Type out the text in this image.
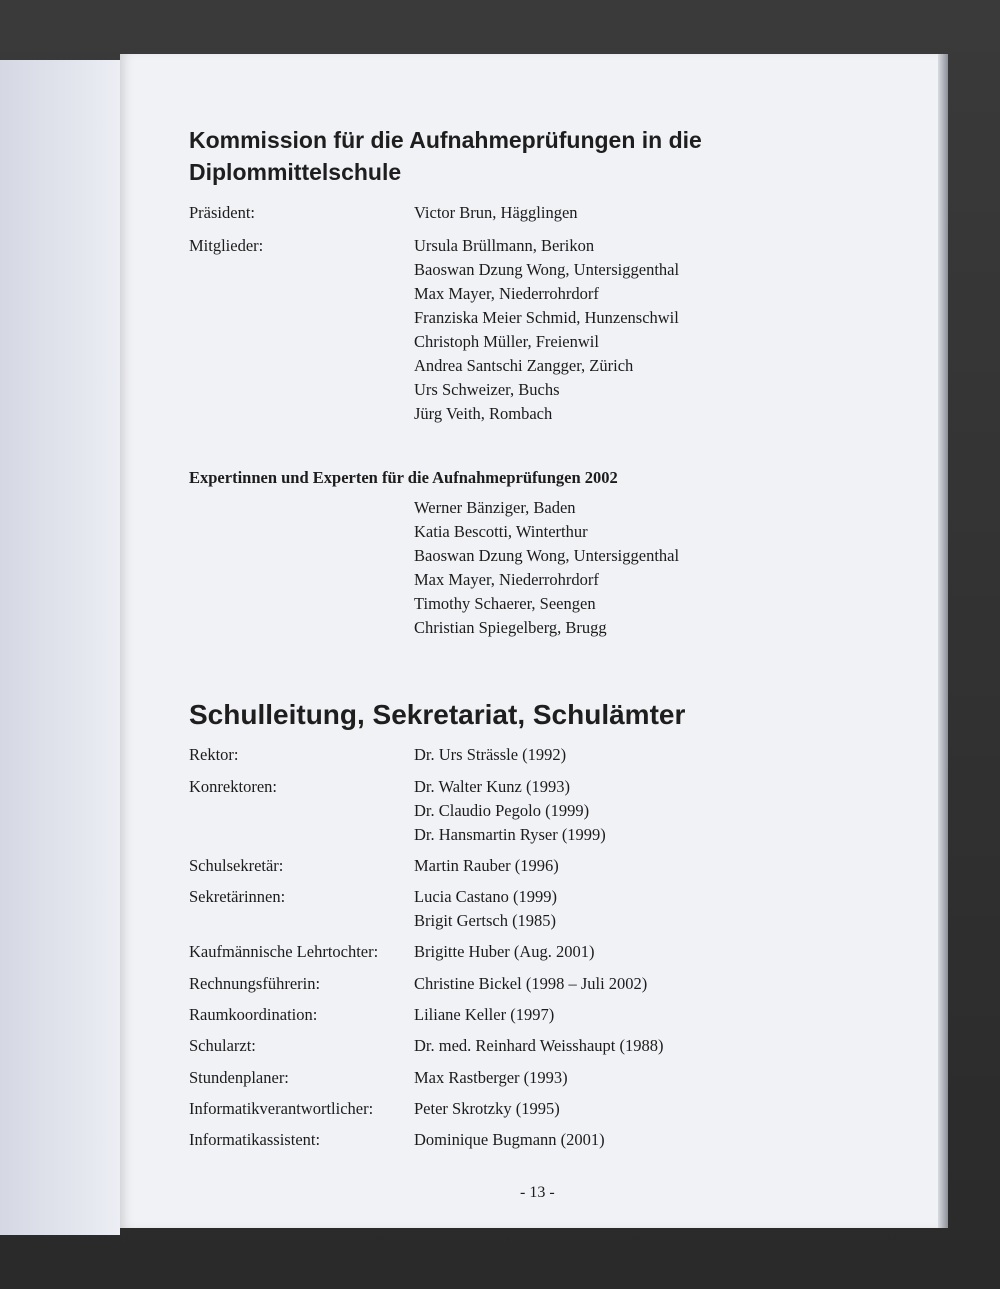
Kommission für die Aufnahmeprüfungen in die Diplommittelschule
Präsident:	Victor Brun, Hägglingen
Mitglieder:	Ursula Brüllmann, Berikon
Baoswan Dzung Wong, Untersiggenthal
Max Mayer, Niederrohrdorf
Franziska Meier Schmid, Hunzenschwil
Christoph Müller, Freienwil
Andrea Santschi Zangger, Zürich
Urs Schweizer, Buchs
Jürg Veith, Rombach
Expertinnen und Experten für die Aufnahmeprüfungen 2002
Werner Bänziger, Baden
Katia Bescotti, Winterthur
Baoswan Dzung Wong, Untersiggenthal
Max Mayer, Niederrohrdorf
Timothy Schaerer, Seengen
Christian Spiegelberg, Brugg
Schulleitung, Sekretariat, Schulämter
Rektor:	Dr. Urs Strässle (1992)
Konrektoren:	Dr. Walter Kunz (1993)
Dr. Claudio Pegolo (1999)
Dr. Hansmartin Ryser (1999)
Schulsekretär:	Martin Rauber (1996)
Sekretärinnen:	Lucia Castano (1999)
Brigit Gertsch (1985)
Kaufmännische Lehrtochter: Brigitte Huber (Aug. 2001)
Rechnungsführerin:	Christine Bickel (1998 – Juli 2002)
Raumkoordination:	Liliane Keller (1997)
Schularzt:	Dr. med. Reinhard Weisshaupt (1988)
Stundenplaner:	Max Rastberger (1993)
Informatikverantwortlicher: Peter Skrotzky (1995)
Informatikassistent:	Dominique Bugmann (2001)
- 13 -
